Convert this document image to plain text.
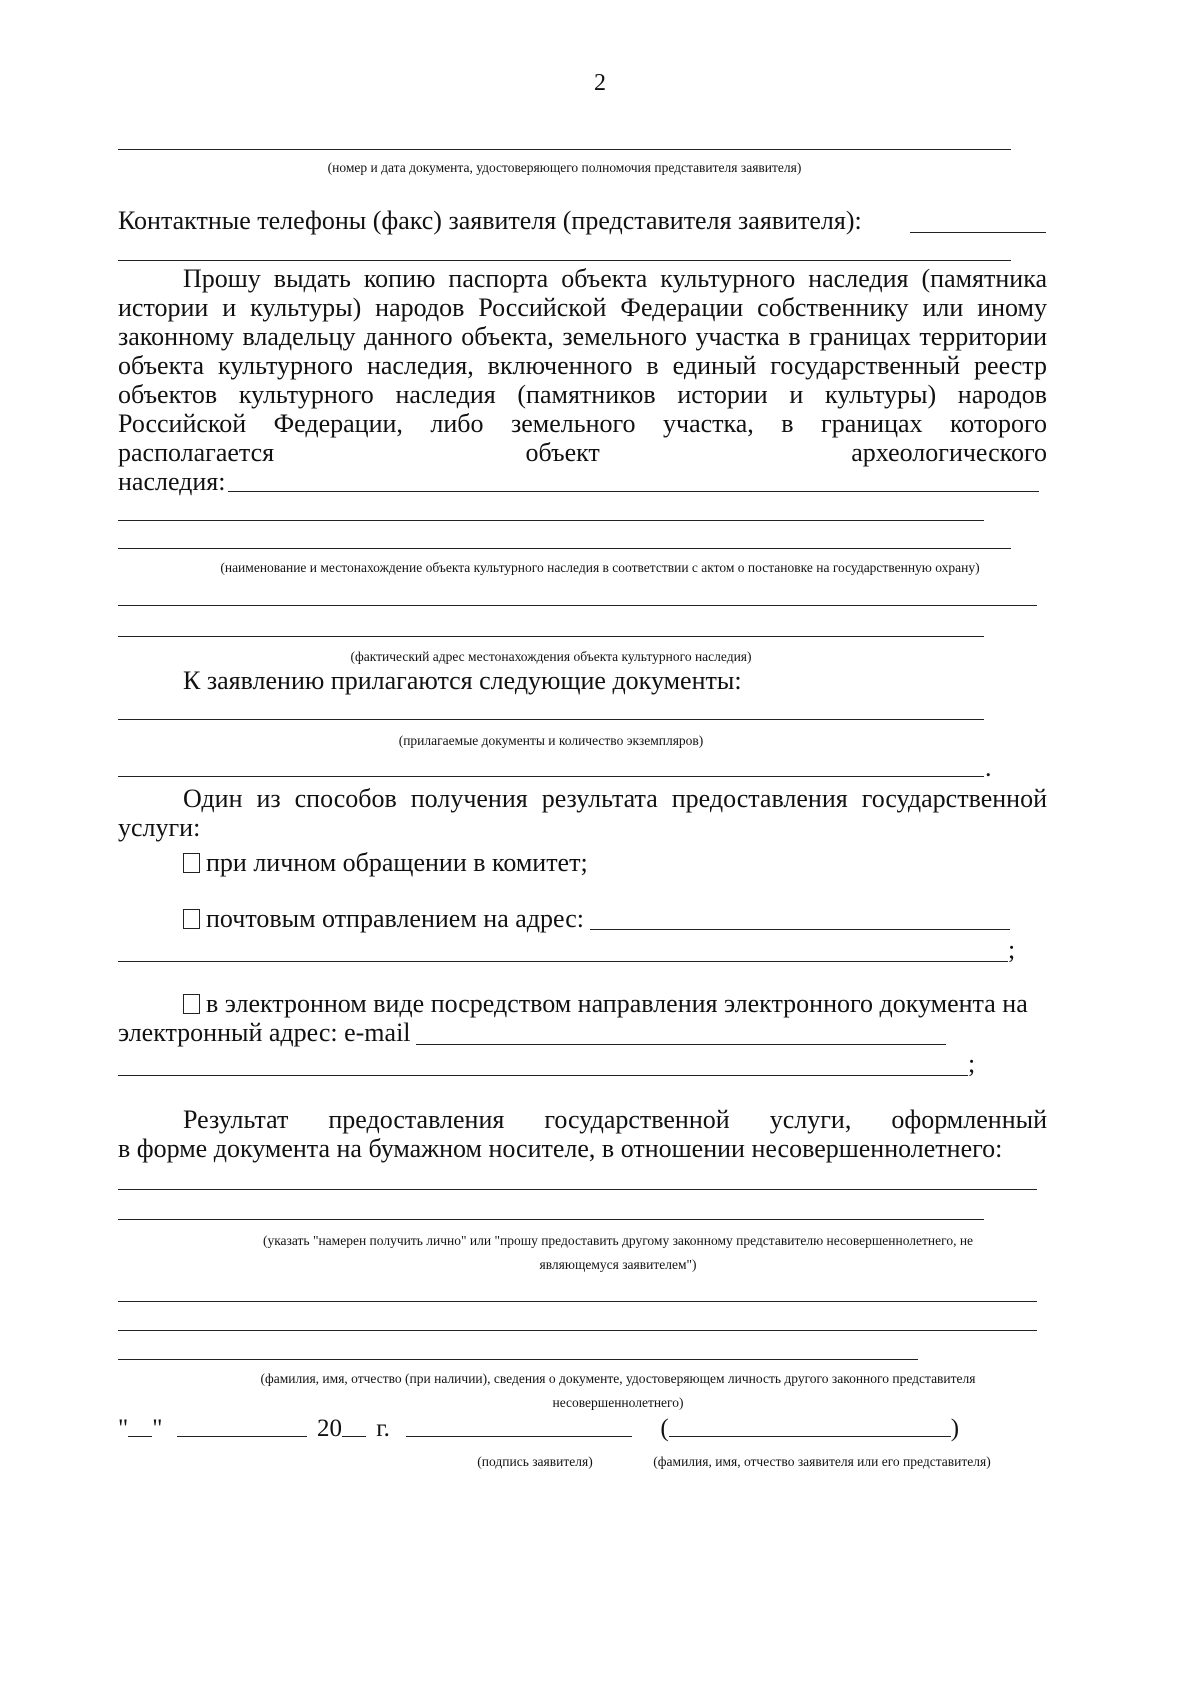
2
(номер и дата документа, удостоверяющего полномочия представителя заявителя)
Контактные телефоны (факс) заявителя (представителя заявителя):
Прошу выдать копию паспорта объекта культурного наследия (памятника
истории и культуры) народов Российской Федерации собственнику или иному
законному владельцу данного объекта, земельного участка в границах территории
объекта культурного наследия, включенного в единый государственный реестр
объектов культурного наследия (памятников истории и культуры) народов
Российской Федерации, либо земельного участка, в границах которого
располагается объект археологического
наследия:
(наименование и местонахождение объекта культурного наследия в соответствии с актом о постановке на государственную охрану)
(фактический адрес местонахождения объекта культурного наследия)
К заявлению прилагаются следующие документы:
(прилагаемые документы и количество экземпляров)
.
Один из способов получения результата предоставления государственной
услуги:
при личном обращении в комитет;
почтовым отправлением на адрес:
;
в электронном виде посредством направления электронного документа на
электронный адрес: e-mail
;
Результат предоставления государственной услуги, оформленный
в форме документа на бумажном носителе, в отношении несовершеннолетнего:
(указать "намерен получить лично" или "прошу предоставить другому законному представителю несовершеннолетнего, не
являющемуся заявителем")
(фамилия, имя, отчество (при наличии), сведения о документе, удостоверяющем личность другого законного представителя
несовершеннолетнего)
" "	20 г.	(	)
(подпись заявителя)	(фамилия, имя, отчество заявителя или его представителя)
